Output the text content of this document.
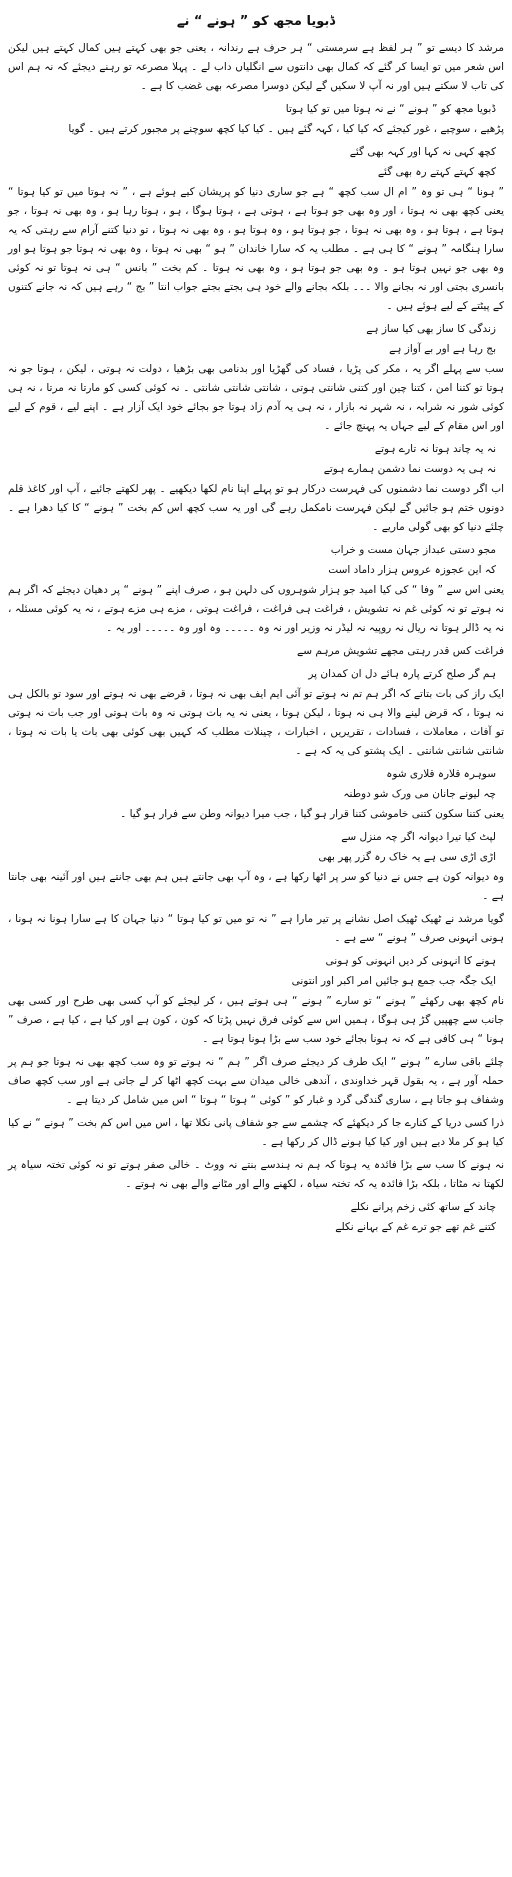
ڈبویا مجھ کو ” ہونے “ نے
مرشد کا دیسے تو ” ہر لفظ ہے سرمستی “ ہر حرف ہے رندانہ ، یعنی جو بھی کہتے ہیں کمال کہتے ہیں لیکن اس شعر میں تو ایسا کر گئے کہ کمال بھی دانتوں سے انگلیاں داب لے ۔ پہلا مصرعہ تو رہنے دیجئے کہ نہ ہم اس کی تاب لا سکتے ہیں اور نہ آپ لا سکیں گے لیکن دوسرا مصرعہ بھی غضب کا ہے ۔
ڈبویا مجھ کو ” ہونے “ نے نہ ہوتا میں تو کیا ہوتا
پڑھیے ، سوچیے ، غور کیجئے کہ کیا کیا ، کہہ گئے ہیں ۔ کیا کیا کچھ سوچنے پر مجبور کرتے ہیں ۔ گویا
کچھ کہی نہ کہا اور کہہ بھی گئے
کچھ کہتے کہتے رہ بھی گئے
” ہونا “ ہی تو وہ ” ام ال سب کچھ “ ہے جو ساری دنیا کو پریشان کیے ہوئے ہے ، ” نہ ہوتا میں تو کیا ہوتا “ یعنی کچھ بھی نہ ہوتا ، اور وہ بھی جو ہوتا ہے ، ہوتی ہے ، ہوتا ہوگا ، ہو ، ہوتا رہا ہو ، وہ بھی نہ ہوتا ، جو ہوتا ہے ، ہوتا ہو ، وہ بھی نہ ہوتا ، جو ہوتا ہو ، وہ ہوتا ہو ، وہ بھی نہ ہوتا ، تو دنیا کتنے آرام سے رہتی کہ یہ سارا ہنگامہ ” ہونے “ کا ہی ہے ۔ مطلب یہ کہ سارا خاندان ” ہو “ بھی نہ ہوتا ، وہ بھی نہ ہوتا جو ہوتا ہو اور وہ بھی جو نہیں ہوتا ہو ۔ وہ بھی جو ہوتا ہو ، وہ بھی نہ ہوتا ۔ کم بخت ” بانس “ ہی نہ ہوتا تو نہ کوئی بانسری بجتی اور نہ بجانے والا ۔۔۔ بلکہ بجانے والے خود ہی بجتے بجتے جواب انتا ” بج “ رہے ہیں کہ نہ جانے کتنوں کے پیٹتے کے لیے ہوئے ہیں ۔
زندگی کا ساز بھی کیا ساز ہے
بج رہا ہے اور بے آواز ہے
سب سے پہلے اگر یہ ، مکر کی پڑیا ، فساد کی گھڑیا اور بدنامی بھی بڑھیا ، دولت نہ ہوتی ، لیکن ، ہوتا جو نہ ہوتا تو کتنا امن ، کتنا چین اور کتنی شانتی ہوتی ، شانتی شانتی شانتی ۔ نہ کوئی کسی کو مارتا نہ مرتا ، نہ ہی کوئی شور نہ شرابہ ، نہ شہر نہ بازار ، نہ ہی یہ آدم زاد ہوتا جو بجائے خود ایک آزار ہے ۔ اپنے لیے ، قوم کے لیے اور اس مقام کے لیے جہاں یہ پہنچ جائے ۔
نہ یہ چاند ہوتا نہ تارے ہوتے
نہ ہی یہ دوست نما دشمن ہمارے ہوتے
اب اگر دوست نما دشمنوں کی فہرست درکار ہو تو پہلے اپنا نام لکھا دیکھیے ۔ پھر لکھتے جائیے ، آپ اور کاغذ قلم دونوں ختم ہو جائیں گے لیکن فہرست نامکمل رہے گی اور یہ سب کچھ اس کم بخت ” ہونے “ کا کیا دھرا ہے ۔ چلئے دنیا کو بھی گولی ماریے ۔
مجو دستی عبداز جہان مست و خراب
کہ این عجوزہ عروس ہزار داماد است
یعنی اس سے ” وفا “ کی کیا امید جو ہزار شوہروں کی دلہن ہو ، صرف اپنے ” ہونے “ پر دھیان دیجئے کہ اگر ہم نہ ہوتے تو نہ کوئی غم نہ تشویش ، فراغت ہی فراغت ، فراغت ہوتی ، مزے ہی مزے ہوتے ، نہ یہ کوئی مسئلہ ، نہ یہ ڈالر ہوتا نہ ریال نہ روپیہ نہ لیڈر نہ وزیر اور نہ وہ ۔۔۔۔۔ وہ اور وہ ۔۔۔۔۔ اور یہ ۔
فراغت کس قدر رہتی مجھے تشویش مرہم سے
ہم گر صلح کرتے پارہ ہائے دل ان کمدان پر
ایک راز کی بات بتاتے کہ اگر ہم تم نہ ہوتے تو آئی ایم ایف بھی نہ ہوتا ، قرضے بھی نہ ہوتے اور سود تو بالکل ہی نہ ہوتا ، کہ قرض لینے والا ہی نہ ہوتا ، لیکن ہوتا ، یعنی نہ یہ بات ہوتی نہ وہ بات ہوتی اور جب بات نہ ہوتی تو آفات ، معاملات ، فسادات ، تقریریں ، اخبارات ، چینلات مطلب کہ کہیں بھی کوئی بھی بات یا بات نہ ہوتا ، شانتی شانتی شانتی ۔ ایک پشتو کی یہ کہ ہے ۔
سوہرہ قلارہ قلاری شوہ
چہ لیونے جانان می ورک شو دوطنہ
یعنی کتنا سکون کتنی خاموشی کتنا قرار ہو گیا ، جب میرا دیوانہ وطن سے فرار ہو گیا ۔
لپٹ کیا تیرا دیوانہ اگر چہ منزل سے
اڑی اڑی سی ہے یہ خاک رہ گزر پھر بھی
وہ دیوانہ کون ہے جس نے دنیا کو سر پر اٹھا رکھا ہے ، وہ آپ بھی جانتے ہیں ہم بھی جانتے ہیں اور آئینہ بھی جانتا ہے ۔
گویا مرشد نے ٹھیک ٹھیک اصل نشانے پر تیر مارا ہے ” نہ تو میں تو کیا ہوتا “ دنیا جہان کا ہے سارا ہونا نہ ہونا ، ہونی انہونی صرف ” ہونے “ سے ہے ۔
ہونے کا انہونی کر دیں انہونی کو ہونی
ایک جگہ جب جمع ہو جائیں امر اکبر اور انتونی
نام کچھ بھی رکھئے ” ہونے “ تو سارے ” ہونے “ ہی ہوتے ہیں ، کر لیجئے کو آپ کسی بھی طرح اور کسی بھی جانب سے چھپیں گڑ ہی ہوگا ، ہمیں اس سے کوئی فرق نہیں پڑتا کہ کون ، کون ہے اور کیا ہے ، کیا ہے ، صرف ” ہونا “ ہی کافی ہے کہ نہ ہونا بجائے خود سب سے بڑا ہونا ہوتا ہے ۔
چلئے باقی سارے ” ہونے “ ایک طرف کر دیجئے صرف اگر ” ہم “ نہ ہوتے تو وہ سب کچھ بھی نہ ہوتا جو ہم پر حملہ آور ہے ، یہ بقول قہر خداوندی ، آندھی خالی میدان سے بہت کچھ اٹھا کر لے جاتی ہے اور سب کچھ صاف وشفاف ہو جاتا ہے ، ساری گندگی گرد و غبار کو ” کوئی “ ہوتا “ ہوتا “ اس میں شامل کر دیتا ہے ۔
ذرا کسی دریا کے کنارے جا کر دیکھئے کہ چشمے سے جو شفاف پانی نکلا تھا ، اس میں اس کم بخت ” ہونے “ نے کیا کیا ہو کر ملا دیے ہیں اور کیا کیا ہونے ڈال کر رکھا ہے ۔
نہ ہونے کا سب سے بڑا فائدہ یہ ہوتا کہ ہم نہ ہندسے بنتے نہ ووٹ ۔ خالی صفر ہوتے تو نہ کوئی تختہ سیاہ پر لکھتا نہ مٹاتا ، بلکہ بڑا فائدہ یہ کہ تختہ سیاہ ، لکھنے والے اور مٹانے والے بھی نہ ہوتے ۔
چاند کے ساتھ کئی زخم پرانے نکلے
کتنے غم تھے جو ترے غم کے بہانے نکلے
